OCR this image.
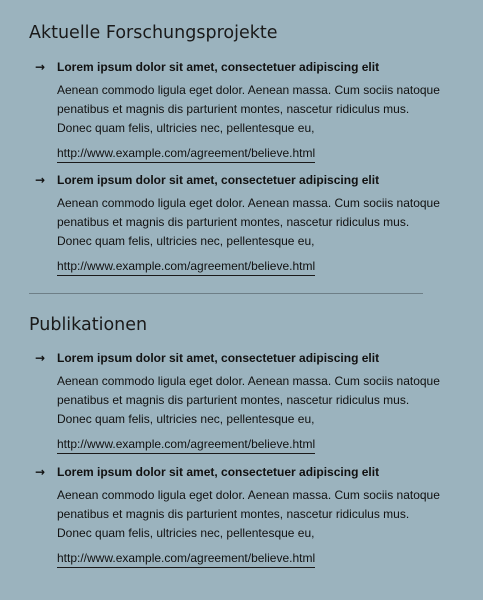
Aktuelle Forschungsprojekte
→ Lorem ipsum dolor sit amet, consectetuer adipiscing elit
Aenean commodo ligula eget dolor. Aenean massa. Cum sociis natoque
penatibus et magnis dis parturient montes, nascetur ridiculus mus.
Donec quam felis, ultricies nec, pellentesque eu,
http://www.example.com/agreement/believe.html
→ Lorem ipsum dolor sit amet, consectetuer adipiscing elit
Aenean commodo ligula eget dolor. Aenean massa. Cum sociis natoque
penatibus et magnis dis parturient montes, nascetur ridiculus mus.
Donec quam felis, ultricies nec, pellentesque eu,
http://www.example.com/agreement/believe.html
Publikationen
→ Lorem ipsum dolor sit amet, consectetuer adipiscing elit
Aenean commodo ligula eget dolor. Aenean massa. Cum sociis natoque
penatibus et magnis dis parturient montes, nascetur ridiculus mus.
Donec quam felis, ultricies nec, pellentesque eu,
http://www.example.com/agreement/believe.html
→ Lorem ipsum dolor sit amet, consectetuer adipiscing elit
Aenean commodo ligula eget dolor. Aenean massa. Cum sociis natoque
penatibus et magnis dis parturient montes, nascetur ridiculus mus.
Donec quam felis, ultricies nec, pellentesque eu,
http://www.example.com/agreement/believe.html
